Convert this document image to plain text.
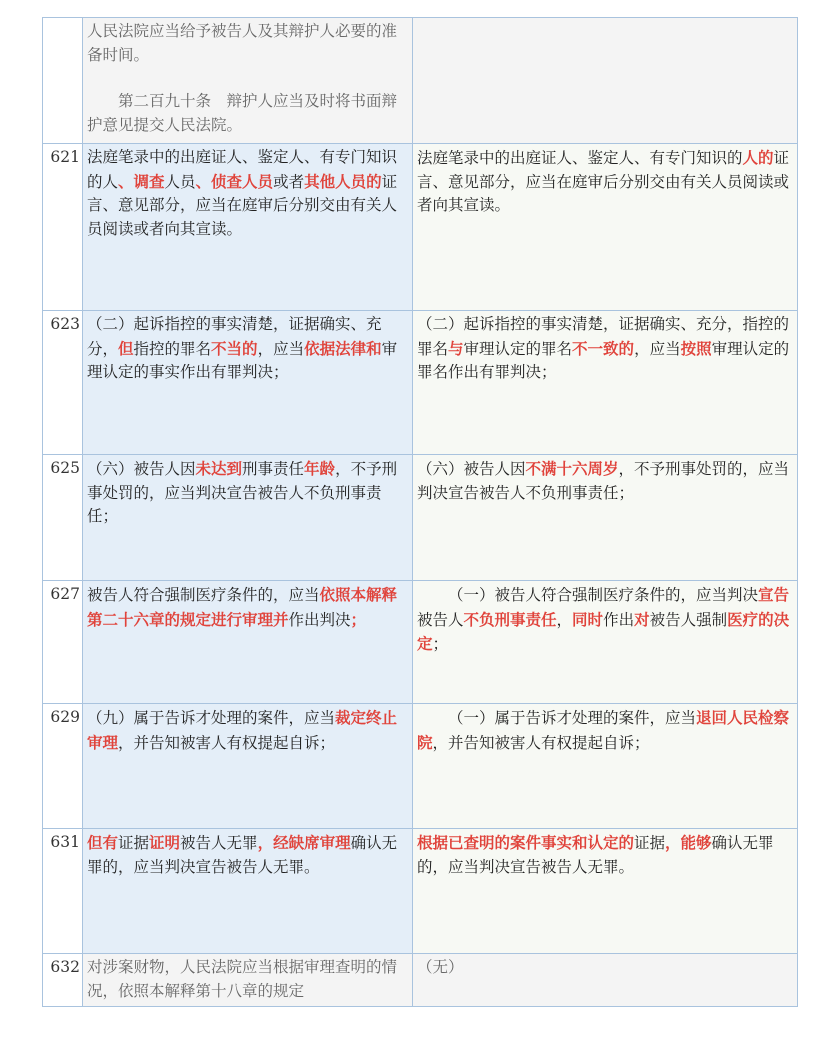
	人民法院应当给予被告人及其辩护人必要的准备时间。
第二百九十条　辩护人应当及时将书面辩护意见提交人民法院。	

621	法庭笔录中的出庭证人、鉴定人、有专门知识的人、调查人员、侦查人员或者其他人员的证言、意见部分，应当在庭审后分别交由有关人员阅读或者向其宣读。	法庭笔录中的出庭证人、鉴定人、有专门知识的人的证言、意见部分，应当在庭审后分别交由有关人员阅读或者向其宣读。
623	（二）起诉指控的事实清楚，证据确实、充分，但指控的罪名不当的，应当依据法律和审理认定的事实作出有罪判决；	（二）起诉指控的事实清楚，证据确实、充分，指控的罪名与审理认定的罪名不一致的，应当按照审理认定的罪名作出有罪判决；
625	（六）被告人因未达到刑事责任年龄，不予刑事处罚的，应当判决宣告被告人不负刑事责任；	（六）被告人因不满十六周岁，不予刑事处罚的，应当判决宣告被告人不负刑事责任；
627	被告人符合强制医疗条件的，应当依照本解释第二十六章的规定进行审理并作出判决；	（一）被告人符合强制医疗条件的，应当判决宣告被告人不负刑事责任，同时作出对被告人强制医疗的决定；
629	（九）属于告诉才处理的案件，应当裁定终止审理，并告知被害人有权提起自诉；	（一）属于告诉才处理的案件，应当退回人民检察院，并告知被害人有权提起自诉；
631	但有证据证明被告人无罪，经缺席审理确认无罪的，应当判决宣告被告人无罪。	根据已查明的案件事实和认定的证据，能够确认无罪的，应当判决宣告被告人无罪。
632	对涉案财物，人民法院应当根据审理查明的情况，依照本解释第十八章的规定	（无）
